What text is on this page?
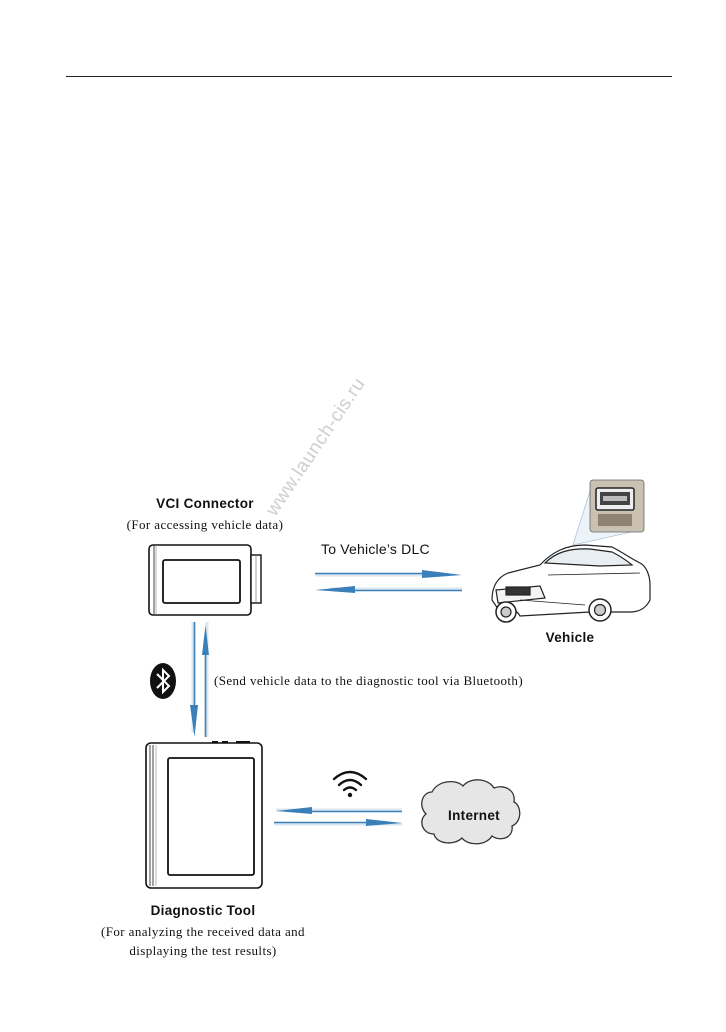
www.launch-cis.ru
VCI Connector
(For accessing vehicle data)
To Vehicle’s DLC
Vehicle
(Send vehicle data to the diagnostic tool via Bluetooth)
Diagnostic Tool
(For analyzing the received data and
displaying the test results)
Internet
